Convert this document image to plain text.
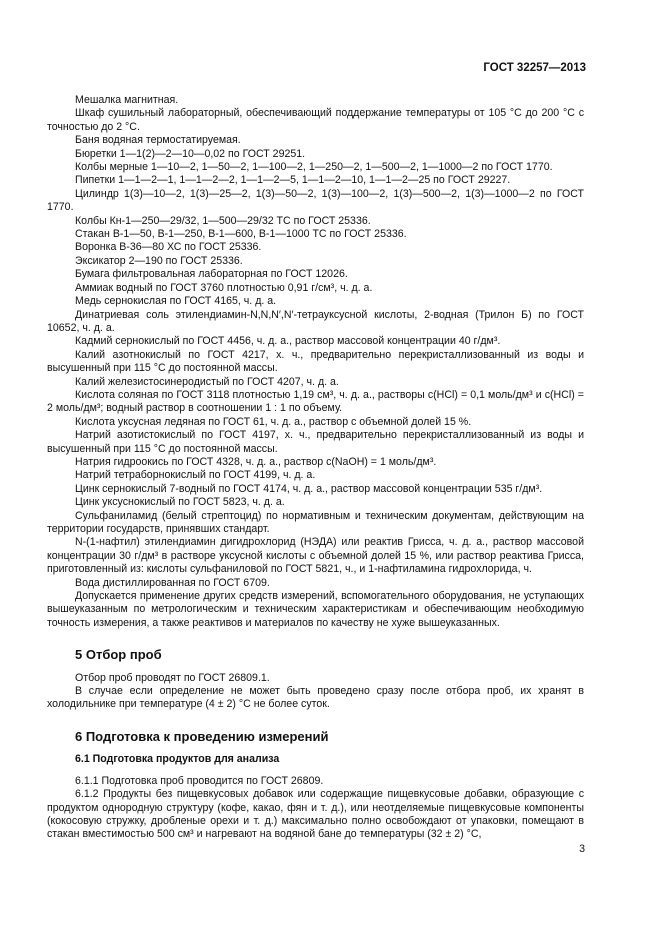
ГОСТ 32257—2013

Мешалка магнитная.

Шкаф сушильный лабораторный, обеспечивающий поддержание температуры от 105 °С до 200 °С с точностью до 2 °С.

Баня водяная термостатируемая.

Бюретки 1—1(2)—2—10—0,02 по ГОСТ 29251.

Колбы мерные 1—10—2, 1—50—2, 1—100—2, 1—250—2, 1—500—2, 1—1000—2 по ГОСТ 1770.

Пипетки 1—1—2—1, 1—1—2—2, 1—1—2—5, 1—1—2—10, 1—1—2—25 по ГОСТ 29227.

Цилиндр 1(3)—10—2, 1(3)—25—2, 1(3)—50—2, 1(3)—100—2, 1(3)—500—2, 1(3)—1000—2 по ГОСТ 1770.

Колбы Кн-1—250—29/32, 1—500—29/32 ТС по ГОСТ 25336.

Стакан В-1—50, В-1—250, В-1—600, В-1—1000 ТС по ГОСТ 25336.

Воронка В-36—80 ХС по ГОСТ 25336.

Эксикатор 2—190 по ГОСТ 25336.

Бумага фильтровальная лабораторная по ГОСТ 12026.

Аммиак водный по ГОСТ 3760 плотностью 0,91 г/см³, ч. д. а.

Медь сернокислая по ГОСТ 4165, ч. д. а.

Динатриевая соль этилендиамин-N,N,N′,N′-тетрауксусной кислоты, 2-водная (Трилон Б) по ГОСТ 10652, ч. д. а.

Кадмий сернокислый по ГОСТ 4456, ч. д. а., раствор массовой концентрации 40 г/дм³.

Калий азотнокислый по ГОСТ 4217, х. ч., предварительно перекристаллизованный из воды и высушенный при 115 °С до постоянной массы.

Калий железистосинеродистый по ГОСТ 4207, ч. д. а.

Кислота соляная по ГОСТ 3118 плотностью 1,19 см³, ч. д. а., растворы c(HCl) = 0,1 моль/дм³ и c(HCl) = 2 моль/дм³; водный раствор в соотношении 1 : 1 по объему.

Кислота уксусная ледяная по ГОСТ 61, ч. д. а., раствор с объемной долей 15 %.

Натрий азотистокислый по ГОСТ 4197, х. ч., предварительно перекристаллизованный из воды и высушенный при 115 °С до постоянной массы.

Натрия гидроокись по ГОСТ 4328, ч. д. а., раствор c(NaOH) = 1 моль/дм³.

Натрий тетраборнокислый по ГОСТ 4199, ч. д. а.

Цинк сернокислый 7-водный по ГОСТ 4174, ч. д. а., раствор массовой концентрации 535 г/дм³.

Цинк уксуснокислый по ГОСТ 5823, ч. д. а.

Сульфаниламид (белый стрептоцид) по нормативным и техническим документам, действующим на территории государств, принявших стандарт.

N-(1-нафтил) этилендиамин дигидрохлорид (НЭДА) или реактив Грисса, ч. д. а., раствор массовой концентрации 30 г/дм³ в растворе уксусной кислоты с объемной долей 15 %, или раствор реактива Грисса, приготовленный из: кислоты сульфаниловой по ГОСТ 5821, ч., и 1-нафтиламина гидрохлорида, ч.

Вода дистиллированная по ГОСТ 6709.

Допускается применение других средств измерений, вспомогательного оборудования, не уступающих вышеуказанным по метрологическим и техническим характеристикам и обеспечивающим необходимую точность измерения, а также реактивов и материалов по качеству не хуже вышеуказанных.

5 Отбор проб

Отбор проб проводят по ГОСТ 26809.1.

В случае если определение не может быть проведено сразу после отбора проб, их хранят в холодильнике при температуре (4 ± 2) °С не более суток.

6 Подготовка к проведению измерений
6.1 Подготовка продуктов для анализа

6.1.1 Подготовка проб проводится по ГОСТ 26809.

6.1.2 Продукты без пищевкусовых добавок или содержащие пищевкусовые добавки, образующие с продуктом однородную структуру (кофе, какао, фян и т. д.), или неотделяемые пищевкусовые компоненты (кокосовую стружку, дробленые орехи и т. д.) максимально полно освобождают от упаковки, помещают в стакан вместимостью 500 см³ и нагревают на водяной бане до температуры (32 ± 2) °С,

3
